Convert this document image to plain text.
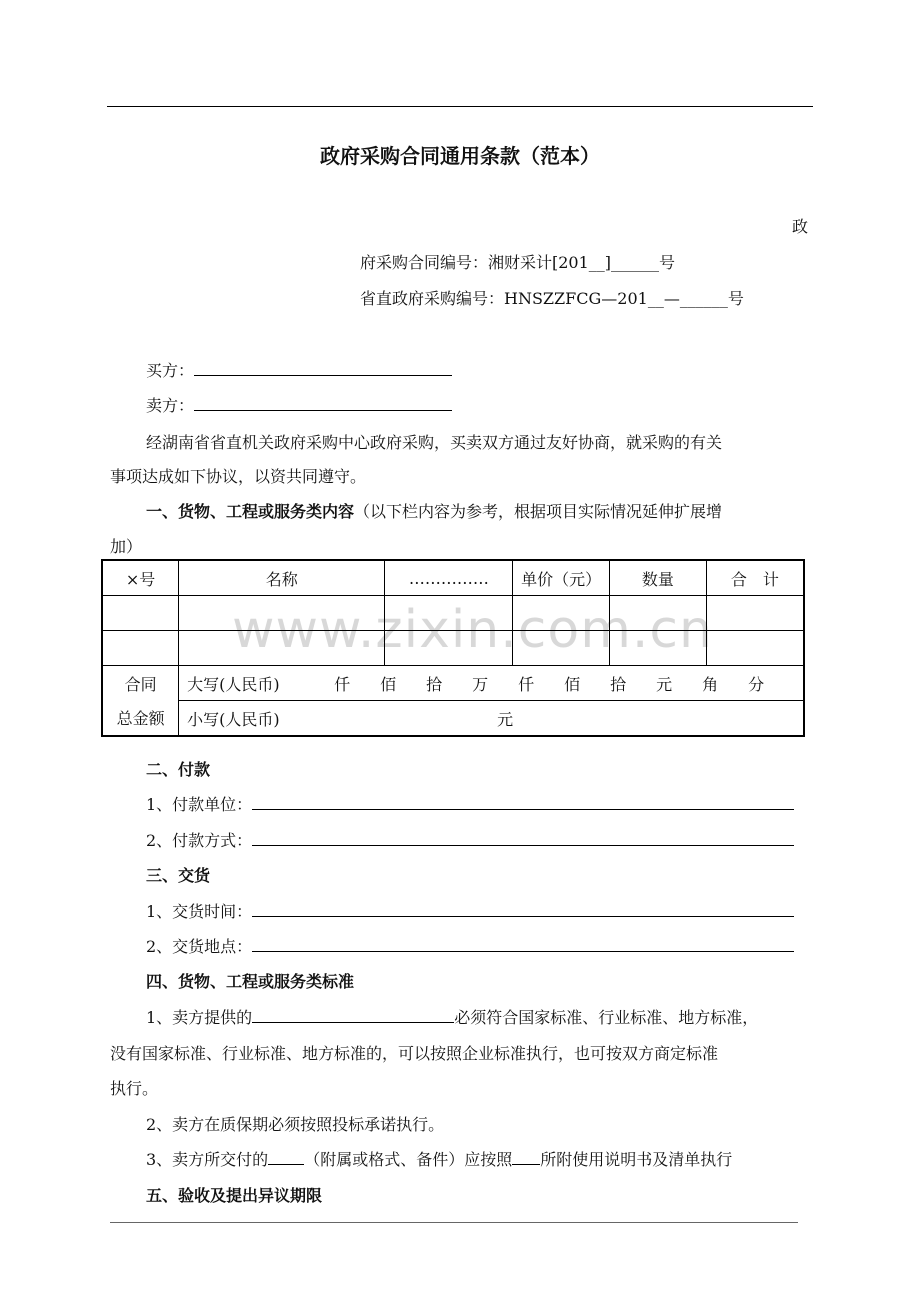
政府采购合同通用条款（范本）
政
府采购合同编号：湘财采计[201__]______号
省直政府采购编号：HNSZZFCG—201__—______号
买方：
卖方：
经湖南省省直机关政府采购中心政府采购，买卖双方通过友好协商，就采购的有关
事项达成如下协议，以资共同遵守。
一、货物、工程或服务类内容（以下栏内容为参考，根据项目实际情况延伸扩展增
加）
www.zixin.com.cn
×号	名称	……………	单价（元）	数量	合　计

合同	大写(人民币) 仟 佰 拾 万 仟 佰 拾 元 角 分				
总金额	小写(人民币) 元				
二、付款
1、付款单位：
2、付款方式：
三、交货
1、交货时间：
2、交货地点：
四、货物、工程或服务类标准
1、卖方提供的	必须符合国家标准、行业标准、地方标准，
没有国家标准、行业标准、地方标准的，可以按照企业标准执行，也可按双方商定标准
执行。
2、卖方在质保期必须按照投标承诺执行。
3、卖方所交付的 （附属或格式、备件）应按照 所附使用说明书及清单执行
五、验收及提出异议期限
